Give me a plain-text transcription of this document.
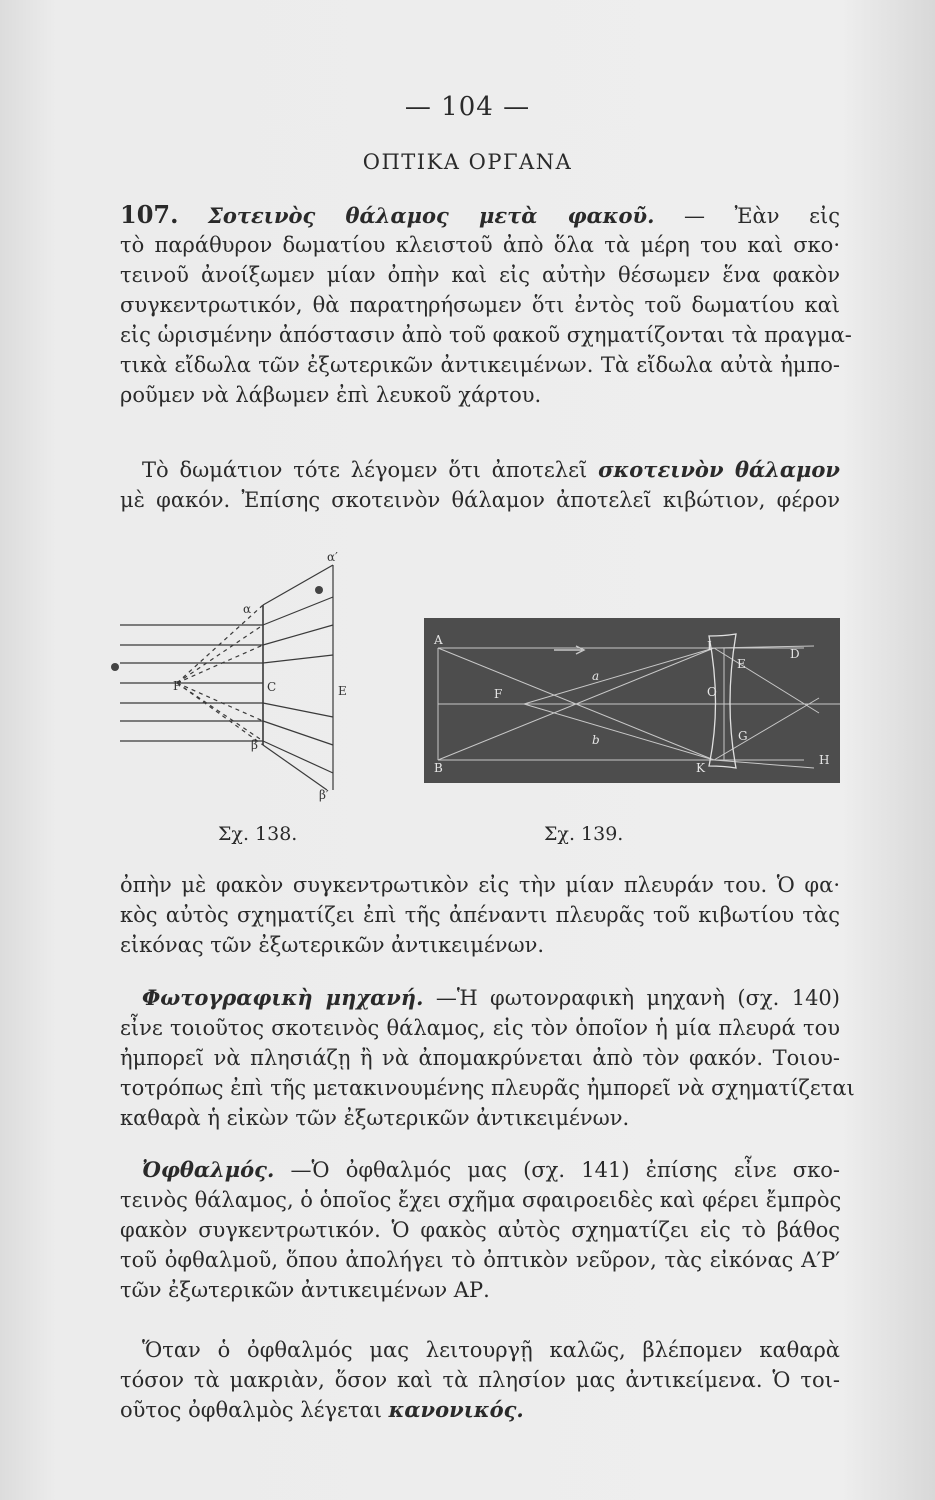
— 104 —
ΟΠΤΙΚΑ ΟΡΓΑΝΑ
107. Σοτεινὸς θάλαμος μετὰ φακοῦ. — Ἐὰν εἰς
τὸ παράθυρον δωματίου κλειστοῦ ἀπὸ ὅλα τὰ μέρη του καὶ σκο·
τεινοῦ ἀνοίξωμεν μίαν ὀπὴν καὶ εἰς αὐτὴν θέσωμεν ἕνα φακὸν
συγκεντρωτικόν, θὰ παρατηρήσωμεν ὅτι ἐντὸς τοῦ δωματίου καὶ
εἰς ὡρισμένην ἀπόστασιν ἀπὸ τοῦ φακοῦ σχηματίζονται τὰ πραγμα-
τικὰ εἴδωλα τῶν ἐξωτερικῶν ἀντικειμένων. Τὰ εἴδωλα αὐτὰ ἠμπο-
ροῦμεν νὰ λάβωμεν ἐπὶ λευκοῦ χάρτου.
Τὸ δωμάτιον τότε λέγομεν ὅτι ἀποτελεῖ σκοτεινὸν θάλαμον
μὲ φακόν. Ἐπίσης σκοτεινὸν θάλαμον ἀποτελεῖ κιβώτιον, φέρον
α′
α
F	C	E
β
β′
A	I
E
D
a
F	O
b	G
B	K
H
Σχ. 138.	Σχ. 139.
ὀπὴν μὲ φακὸν συγκεντρωτικὸν εἰς τὴν μίαν πλευράν του. Ὁ φα·
κὸς αὐτὸς σχηματίζει ἐπὶ τῆς ἀπέναντι πλευρᾶς τοῦ κιβωτίου τὰς
εἰκόνας τῶν ἐξωτερικῶν ἀντικειμένων.
Φωτογραφικὴ μηχανή. —Ἡ φωτονραφικὴ μηχανὴ (σχ. 140)
εἶνε τοιοῦτος σκοτεινὸς θάλαμος, εἰς τὸν ὁποῖον ἡ μία πλευρά του
ἠμπορεῖ νὰ πλησιάζῃ ἢ νὰ ἀπομακρύνεται ἀπὸ τὸν φακόν. Τοιου-
τοτρόπως ἐπὶ τῆς μετακινουμένης πλευρᾶς ἠμπορεῖ νὰ σχηματίζεται
καθαρὰ ἡ εἰκὼν τῶν ἐξωτερικῶν ἀντικειμένων.
Ὀφθαλμός. —Ὁ ὀφθαλμός μας (σχ. 141) ἐπίσης εἶνε σκο-
τεινὸς θάλαμος, ὁ ὁποῖος ἔχει σχῆμα σφαιροειδὲς καὶ φέρει ἔμπρὸς
φακὸν συγκεντρωτικόν. Ὁ φακὸς αὐτὸς σχηματίζει εἰς τὸ βάθος
τοῦ ὀφθαλμοῦ, ὅπου ἀπολήγει τὸ ὀπτικὸν νεῦρον, τὰς εἰκόνας Α′Ρ′
τῶν ἐξωτερικῶν ἀντικειμένων ΑΡ.
Ὅταν ὁ ὀφθαλμός μας λειτουργῇ καλῶς, βλέπομεν καθαρὰ
τόσον τὰ μακριὰν, ὅσον καὶ τὰ πλησίον μας ἀντικείμενα. Ὁ τοι-
οῦτος ὀφθαλμὸς λέγεται κανονικός.
